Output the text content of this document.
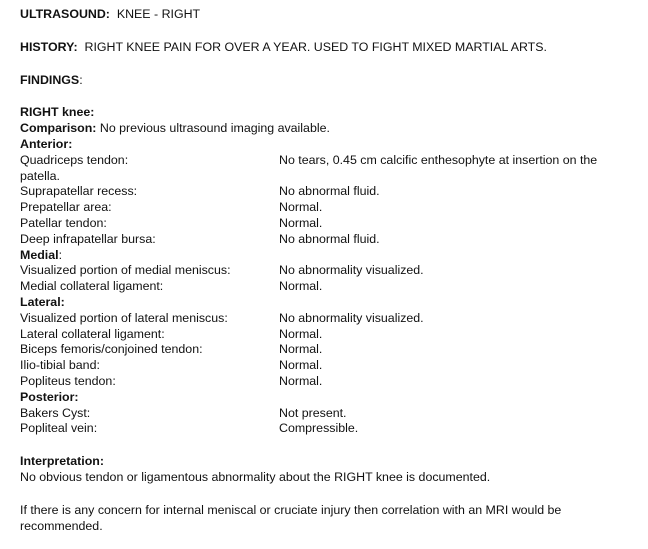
ULTRASOUND: KNEE - RIGHT

HISTORY: RIGHT KNEE PAIN FOR OVER A YEAR. USED TO FIGHT MIXED MARTIAL ARTS.

FINDINGS:

RIGHT knee:

Comparison: No previous ultrasound imaging available.

Anterior:

Quadriceps tendon:	No tears, 0.45 cm calcific enthesophyte at insertion on the

patella.

Suprapatellar recess:	No abnormal fluid.
Prepatellar area:	Normal.
Patellar tendon:	Normal.
Deep infrapatellar bursa:	No abnormal fluid.

Medial:

Visualized portion of medial meniscus:	No abnormality visualized.
Medial collateral ligament:	Normal.

Lateral:

Visualized portion of lateral meniscus:	No abnormality visualized.
Lateral collateral ligament:	Normal.
Biceps femoris/conjoined tendon:	Normal.
Ilio-tibial band:	Normal.
Popliteus tendon:	Normal.

Posterior:

Bakers Cyst:	Not present.
Popliteal vein:	Compressible.

Interpretation:

No obvious tendon or ligamentous abnormality about the RIGHT knee is documented.

If there is any concern for internal meniscal or cruciate injury then correlation with an MRI would be recommended.
